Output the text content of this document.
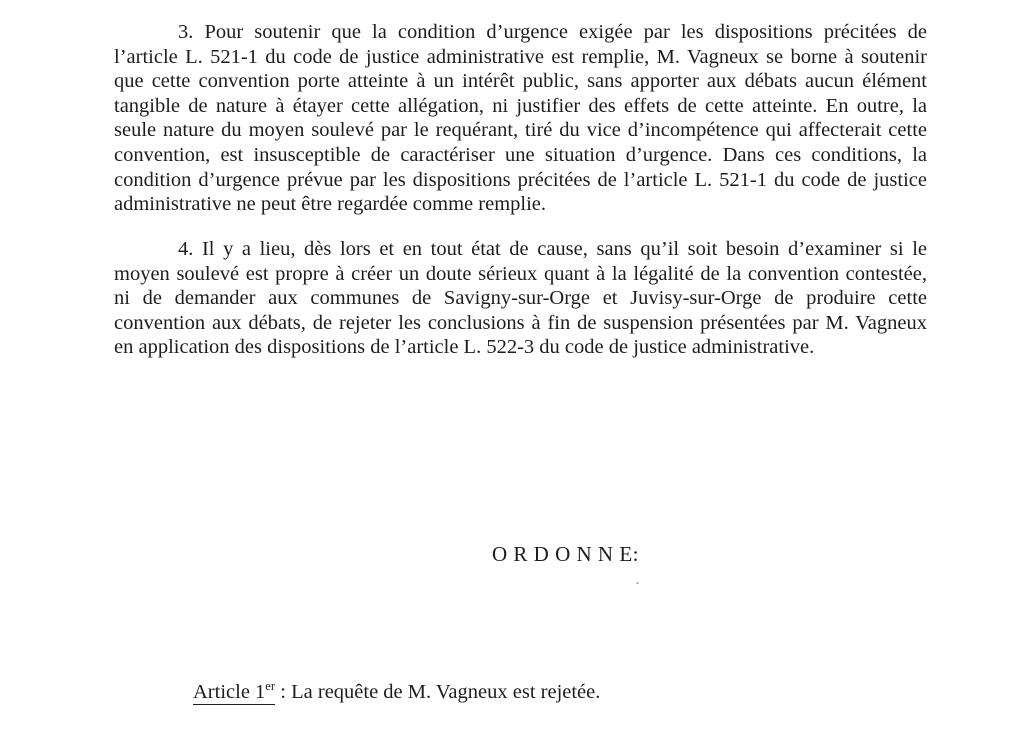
3. Pour soutenir que la condition d’urgence exigée par les dispositions précitées de
l’article L. 521-1 du code de justice administrative est remplie, M. Vagneux se borne à soutenir
que cette convention porte atteinte à un intérêt public, sans apporter aux débats aucun élément
tangible de nature à étayer cette allégation, ni justifier des effets de cette atteinte. En outre, la
seule nature du moyen soulevé par le requérant, tiré du vice d’incompétence qui affecterait cette
convention, est insusceptible de caractériser une situation d’urgence. Dans ces conditions, la
condition d’urgence prévue par les dispositions précitées de l’article L. 521-1 du code de justice
administrative ne peut être regardée comme remplie.
4. Il y a lieu, dès lors et en tout état de cause, sans qu’il soit besoin d’examiner si le
moyen soulevé est propre à créer un doute sérieux quant à la légalité de la convention contestée,
ni de demander aux communes de Savigny-sur-Orge et Juvisy-sur-Orge de produire cette
convention aux débats, de rejeter les conclusions à fin de suspension présentées par M. Vagneux
en application des dispositions de l’article L. 522-3 du code de justice administrative.
O R D O N N E:
Article 1er : La requête de M. Vagneux est rejetée.
